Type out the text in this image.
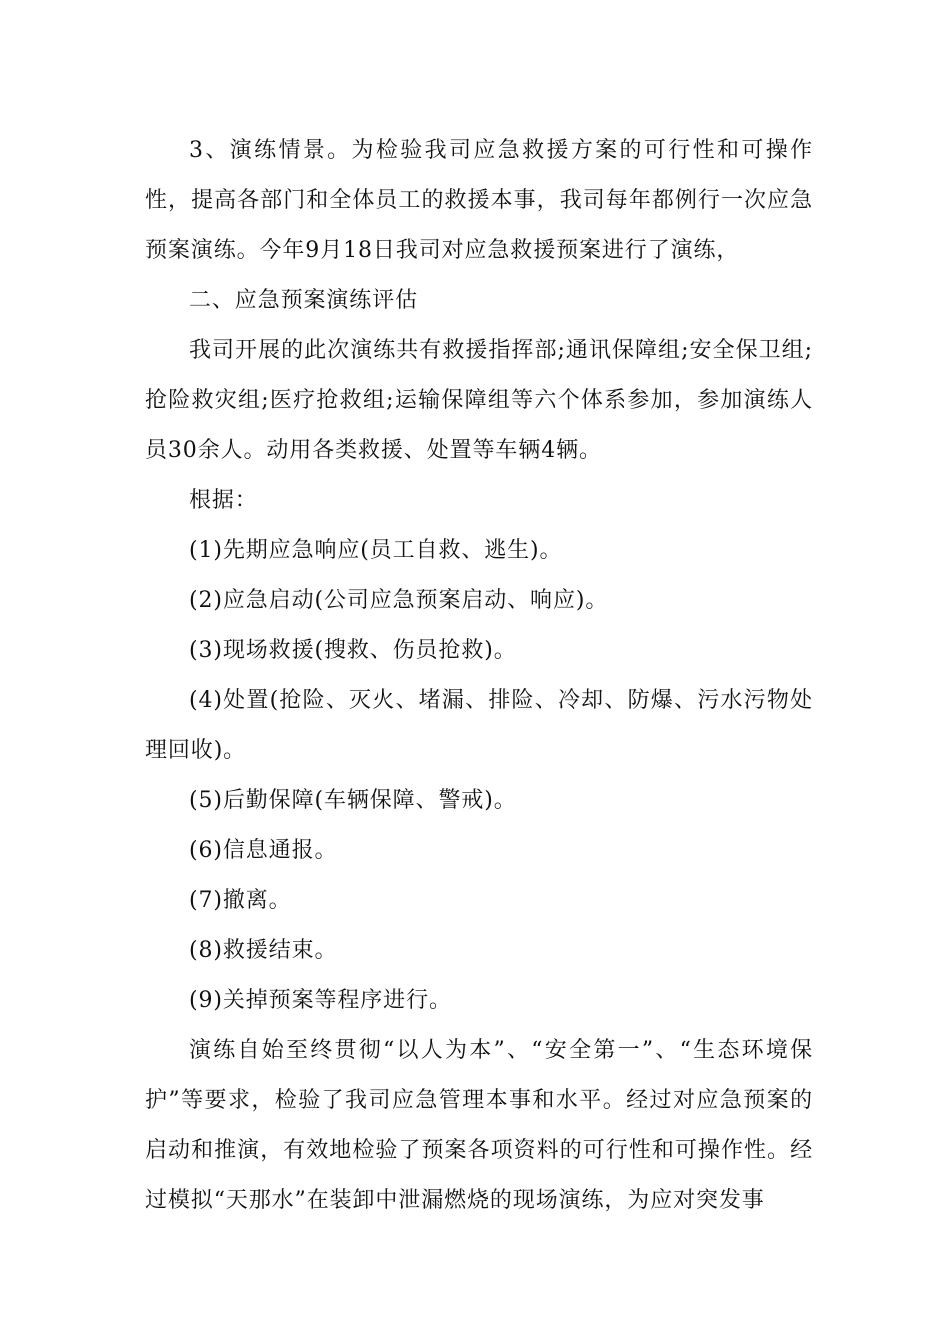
3、演练情景。为检验我司应急救援方案的可行性和可操作性，提高各部门和全体员工的救援本事，我司每年都例行一次应急预案演练。今年9月18日我司对应急救援预案进行了演练，

二、应急预案演练评估

我司开展的此次演练共有救援指挥部;通讯保障组;安全保卫组;抢险救灾组;医疗抢救组;运输保障组等六个体系参加，参加演练人员30余人。动用各类救援、处置等车辆4辆。

根据：

(1)先期应急响应(员工自救、逃生)。

(2)应急启动(公司应急预案启动、响应)。

(3)现场救援(搜救、伤员抢救)。

(4)处置(抢险、灭火、堵漏、排险、冷却、防爆、污水污物处理回收)。

(5)后勤保障(车辆保障、警戒)。

(6)信息通报。

(7)撤离。

(8)救援结束。

(9)关掉预案等程序进行。

演练自始至终贯彻“以人为本”、“安全第一”、“生态环境保护”等要求，检验了我司应急管理本事和水平。经过对应急预案的启动和推演，有效地检验了预案各项资料的可行性和可操作性。经过模拟“天那水”在装卸中泄漏燃烧的现场演练，为应对突发事
